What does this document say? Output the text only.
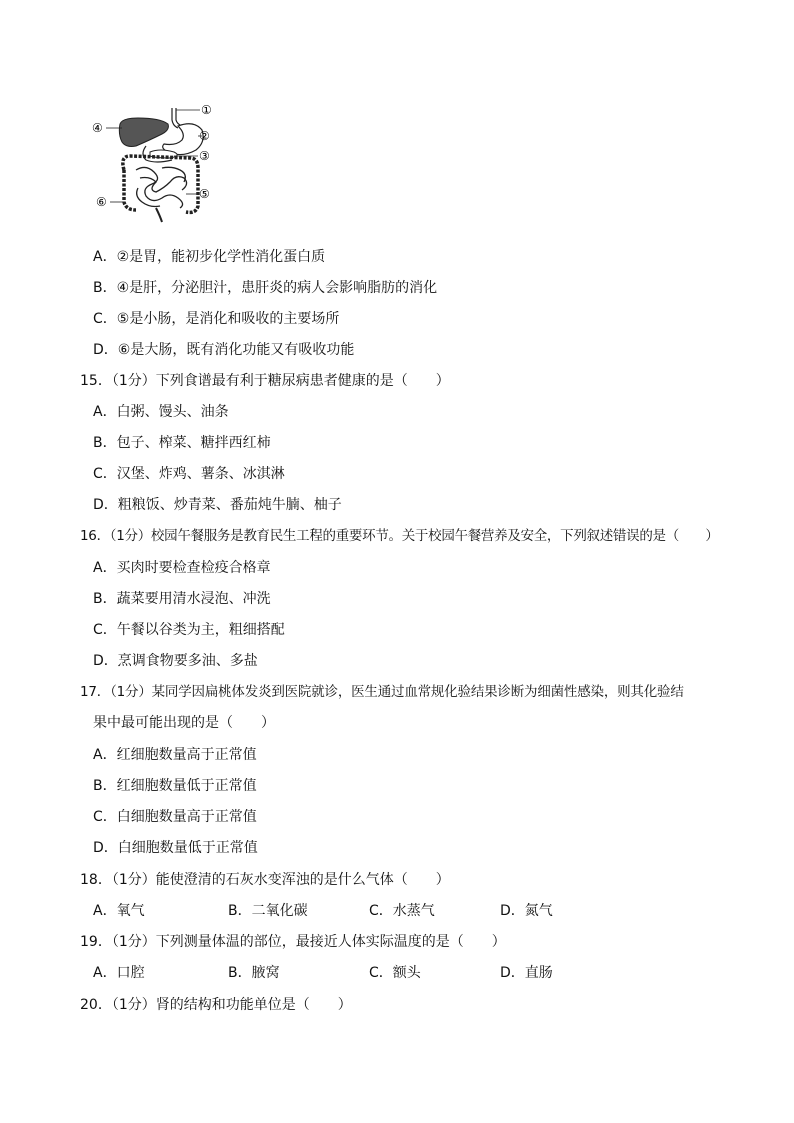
①
②
③
④
⑤
⑥
A．②是胃，能初步化学性消化蛋白质
B．④是肝，分泌胆汁，患肝炎的病人会影响脂肪的消化
C．⑤是小肠，是消化和吸收的主要场所
D．⑥是大肠，既有消化功能又有吸收功能
15．（1分）下列食谱最有利于糖尿病患者健康的是（　　）
A．白粥、馒头、油条
B．包子、榨菜、糖拌西红柿
C．汉堡、炸鸡、薯条、冰淇淋
D．粗粮饭、炒青菜、番茄炖牛腩、柚子
16．（1分）校园午餐服务是教育民生工程的重要环节。关于校园午餐营养及安全，下列叙述错误的是（　　）
A．买肉时要检查检疫合格章
B．蔬菜要用清水浸泡、冲洗
C．午餐以谷类为主，粗细搭配
D．烹调食物要多油、多盐
17．（1分）某同学因扁桃体发炎到医院就诊，医生通过血常规化验结果诊断为细菌性感染，则其化验结
果中最可能出现的是（　　）
A．红细胞数量高于正常值
B．红细胞数量低于正常值
C．白细胞数量高于正常值
D．白细胞数量低于正常值
18．（1分）能使澄清的石灰水变浑浊的是什么气体（　　）
A．氧气	B．二氧化碳	C．水蒸气	D．氮气
19．（1分）下列测量体温的部位，最接近人体实际温度的是（　　）
A．口腔	B．腋窝	C．额头	D．直肠
20．（1分）肾的结构和功能单位是（　　）
